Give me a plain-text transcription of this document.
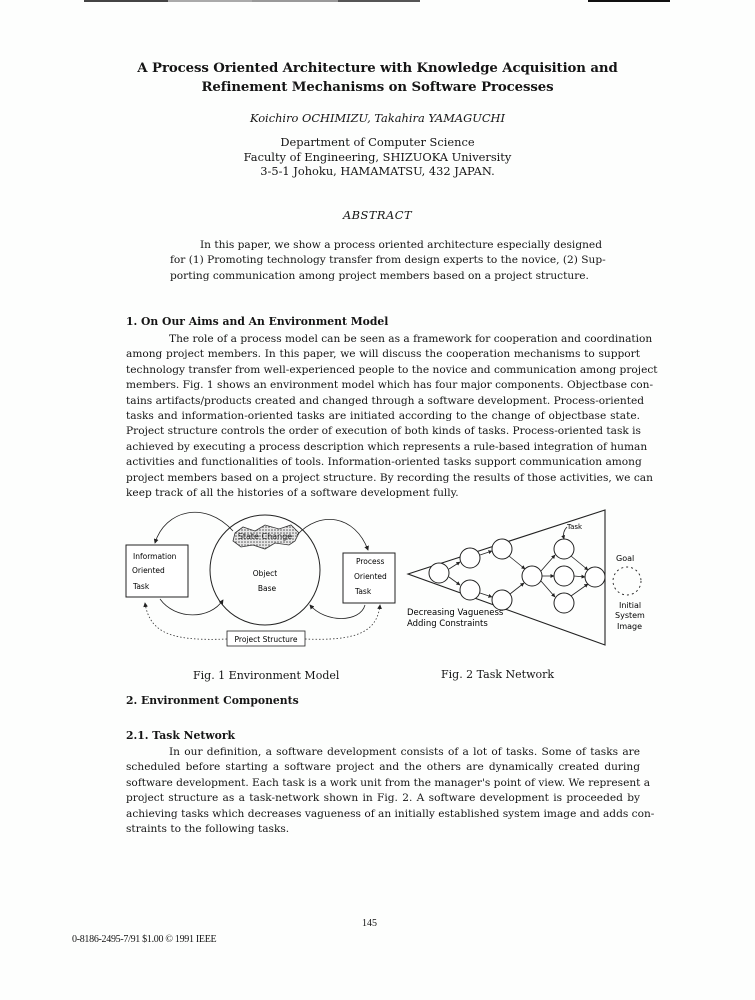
A Process Oriented Architecture with Knowledge Acquisition and
Refinement Mechanisms on Software Processes
Koichiro OCHIMIZU, Takahira YAMAGUCHI
Department of Computer Science
Faculty of Engineering, SHIZUOKA University
3-5-1 Johoku, HAMAMATSU, 432 JAPAN.
ABSTRACT
In this paper, we show a process oriented architecture especially designed
for (1) Promoting technology transfer from design experts to the novice, (2) Sup-
porting communication among project members based on a project structure.
1. On Our Aims and An Environment Model
The role of a process model can be seen as a framework for cooperation and coordination
among project members. In this paper, we will discuss the cooperation mechanisms to support
technology transfer from well-experienced people to the novice and communication among project
members. Fig. 1 shows an environment model which has four major components. Objectbase con-
tains artifacts/products created and changed through a software development. Process-oriented
tasks and information-oriented tasks are initiated according to the change of objectbase state.
Project structure controls the order of execution of both kinds of tasks. Process-oriented task is
achieved by executing a process description which represents a rule-based integration of human
activities and functionalities of tools. Information-oriented tasks support communication among
project members based on a project structure. By recording the results of those activities, we can
keep track of all the histories of a software development fully.
State Change
Object
Base
Information
Oriented
Task
Process
Oriented
Task
Project Structure
Task
Goal
Initial
System
Image
Decreasing Vagueness
Adding Constraints
Fig. 1 Environment Model	Fig. 2 Task Network
2. Environment Components
2.1. Task Network
In our definition, a software development consists of a lot of tasks. Some of tasks are
scheduled before starting a software project and the others are dynamically created during
software development. Each task is a work unit from the manager's point of view. We represent a
project structure as a task-network shown in Fig. 2. A software development is proceeded by
achieving tasks which decreases vagueness of an initially established system image and adds con-
straints to the following tasks.
145
0-8186-2495-7/91 $1.00 © 1991 IEEE
